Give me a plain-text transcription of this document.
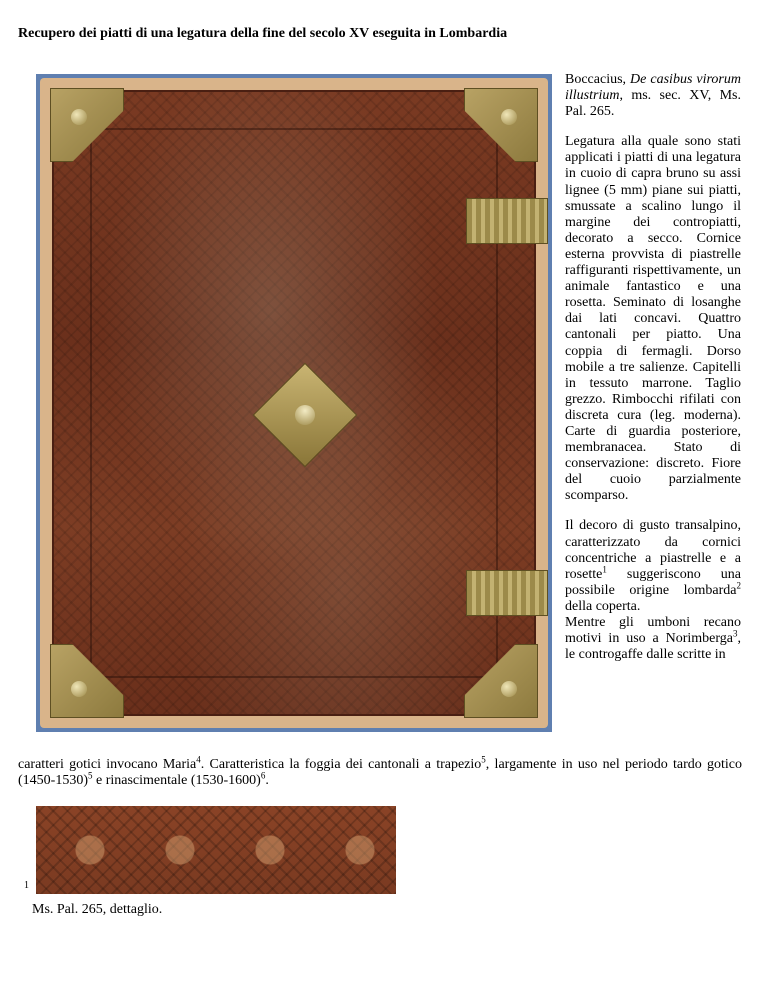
Recupero dei piatti di una legatura della fine del secolo XV eseguita in Lombardia

Boccacius, De casibus virorum illustrium, ms. sec. XV, Ms. Pal. 265.

Legatura alla quale sono stati applicati i piatti di una legatura in cuoio di capra bruno su assi lignee (5 mm) piane sui piatti, smussate a scalino lungo il margine dei contropiatti, decorato a secco. Cornice esterna provvista di piastrelle raffiguranti rispettivamente, un animale fantastico e una rosetta. Seminato di losanghe dai lati concavi. Quattro cantonali per piatto. Una coppia di fermagli. Dorso mobile a tre salienze. Capitelli in tessuto marrone. Taglio grezzo. Rimbocchi rifilati con discreta cura (leg. moderna). Carte di guardia posteriore, membranacea. Stato di conservazione: discreto. Fiore del cuoio parzialmente scomparso.

Il decoro di gusto transalpino, caratterizzato da cornici concentriche a piastrelle e a rosette$^1$ suggeriscono una possibile origine lombarda$^2$ della coperta.
Mentre gli umboni recano motivi in uso a Norimberga$^3$, le controgaffe dalle scritte in

caratteri gotici invocano Maria$^4$. Caratteristica la foggia dei cantonali a trapezio$^5$, largamente in uso nel periodo tardo gotico (1450-1530)$^5$ e rinascimentale (1530-1600)$^6$.
1
Ms. Pal. 265, dettaglio.
